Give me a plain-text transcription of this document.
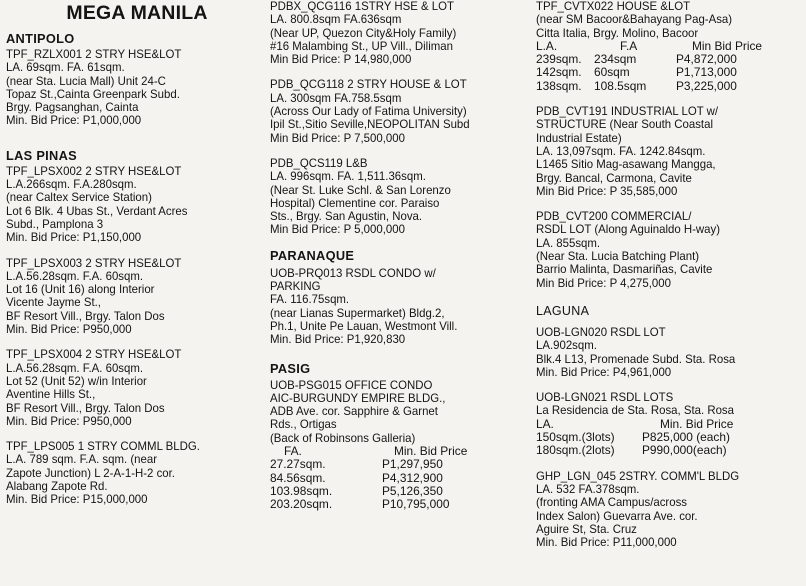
MEGA MANILA
ANTIPOLO
TPF_RZLX001 2 STRY HSE&LOT
LA. 69sqm. FA. 61sqm.
(near Sta. Lucia Mall) Unit 24-C
Topaz St.,Cainta Greenpark Subd.
Brgy. Pagsanghan, Cainta
Min. Bid Price: P1,000,000
LAS PINAS
TPF_LPSX002 2 STRY HSE&LOT
L.A.266sqm. F.A.280sqm.
(near Caltex Service Station)
Lot 6 Blk. 4 Ubas St., Verdant Acres
Subd., Pamplona 3
Min. Bid Price: P1,150,000
TPF_LPSX003 2 STRY HSE&LOT
L.A.56.28sqm. F.A. 60sqm.
Lot 16 (Unit 16) along Interior
Vicente Jayme St.,
BF Resort Vill., Brgy. Talon Dos
Min. Bid Price: P950,000
TPF_LPSX004 2 STRY HSE&LOT
L.A.56.28sqm. F.A. 60sqm.
Lot 52 (Unit 52) w/in Interior
Aventine Hills St.,
BF Resort Vill., Brgy. Talon Dos
Min. Bid Price: P950,000
TPF_LPS005 1 STRY COMML BLDG.
L.A. 789 sqm. F.A. sqm. (near
Zapote Junction) L 2-A-1-H-2 cor.
Alabang Zapote Rd.
Min. Bid Price: P15,000,000
PDBX_QCG116 1STRY HSE & LOT
LA. 800.8sqm FA.636sqm
(Near UP, Quezon City&Holy Family)
#16 Malambing St., UP Vill., Diliman
Min Bid Price: P 14,980,000
PDB_QCG118 2 STRY HOUSE & LOT
LA. 300sqm FA.758.5sqm
(Across Our Lady of Fatima University)
Ipil St.,Sitio Seville,NEOPOLITAN Subd
Min Bid Price: P 7,500,000
PDB_QCS119 L&B
LA. 996sqm. FA. 1,511.36sqm.
(Near St. Luke Schl. & San Lorenzo
Hospital) Clementine cor. Paraiso
Sts., Brgy. San Agustin, Nova.
Min Bid Price: P 5,000,000
PARANAQUE
UOB-PRQ013 RSDL CONDO w/
PARKING
FA. 116.75sqm.
(near Lianas Supermarket) Bldg.2,
Ph.1, Unite Pe Lauan, Westmont Vill.
Min. Bid Price: P1,920,830
PASIG
UOB-PSG015 OFFICE CONDO
AIC-BURGUNDY EMPIRE BLDG.,
ADB Ave. cor. Sapphire & Garnet
Rds., Ortigas
(Back of Robinsons Galleria)
FA.	Min. Bid Price
27.27sqm.	P1,297,950
84.56sqm.	P4,312,900
103.98sqm.	P5,126,350
203.20sqm.	P10,795,000
TPF_CVTX022 HOUSE &LOT
(near SM Bacoor&Bahayang Pag-Asa)
Citta Italia, Brgy. Molino, Bacoor
L.A.	F.A	Min Bid Price
239sqm.	234sqm	P4,872,000
142sqm.	60sqm	P1,713,000
138sqm.	108.5sqm	P3,225,000
PDB_CVT191 INDUSTRIAL LOT w/
STRUCTURE (Near South Coastal
Industrial Estate)
LA. 13,097sqm. FA. 1242.84sqm.
L1465 Sitio Mag-asawang Mangga,
Brgy. Bancal, Carmona, Cavite
Min Bid Price: P 35,585,000
PDB_CVT200 COMMERCIAL/
RSDL LOT (Along Aguinaldo H-way)
LA. 855sqm.
(Near Sta. Lucia Batching Plant)
Barrio Malinta, Dasmariñas, Cavite
Min Bid Price: P 4,275,000
LAGUNA
UOB-LGN020 RSDL LOT
LA.902sqm.
Blk.4 L13, Promenade Subd. Sta. Rosa
Min. Bid Price: P4,961,000
UOB-LGN021 RSDL LOTS
La Residencia de Sta. Rosa, Sta. Rosa
LA.	Min. Bid Price
150sqm.(3lots)	P825,000 (each)
180sqm.(2lots)	P990,000(each)
GHP_LGN_045 2STRY. COMM'L BLDG
LA. 532 FA.378sqm.
(fronting AMA Campus/across
Index Salon) Guevarra Ave. cor.
Aguire St, Sta. Cruz
Min. Bid Price: P11,000,000
